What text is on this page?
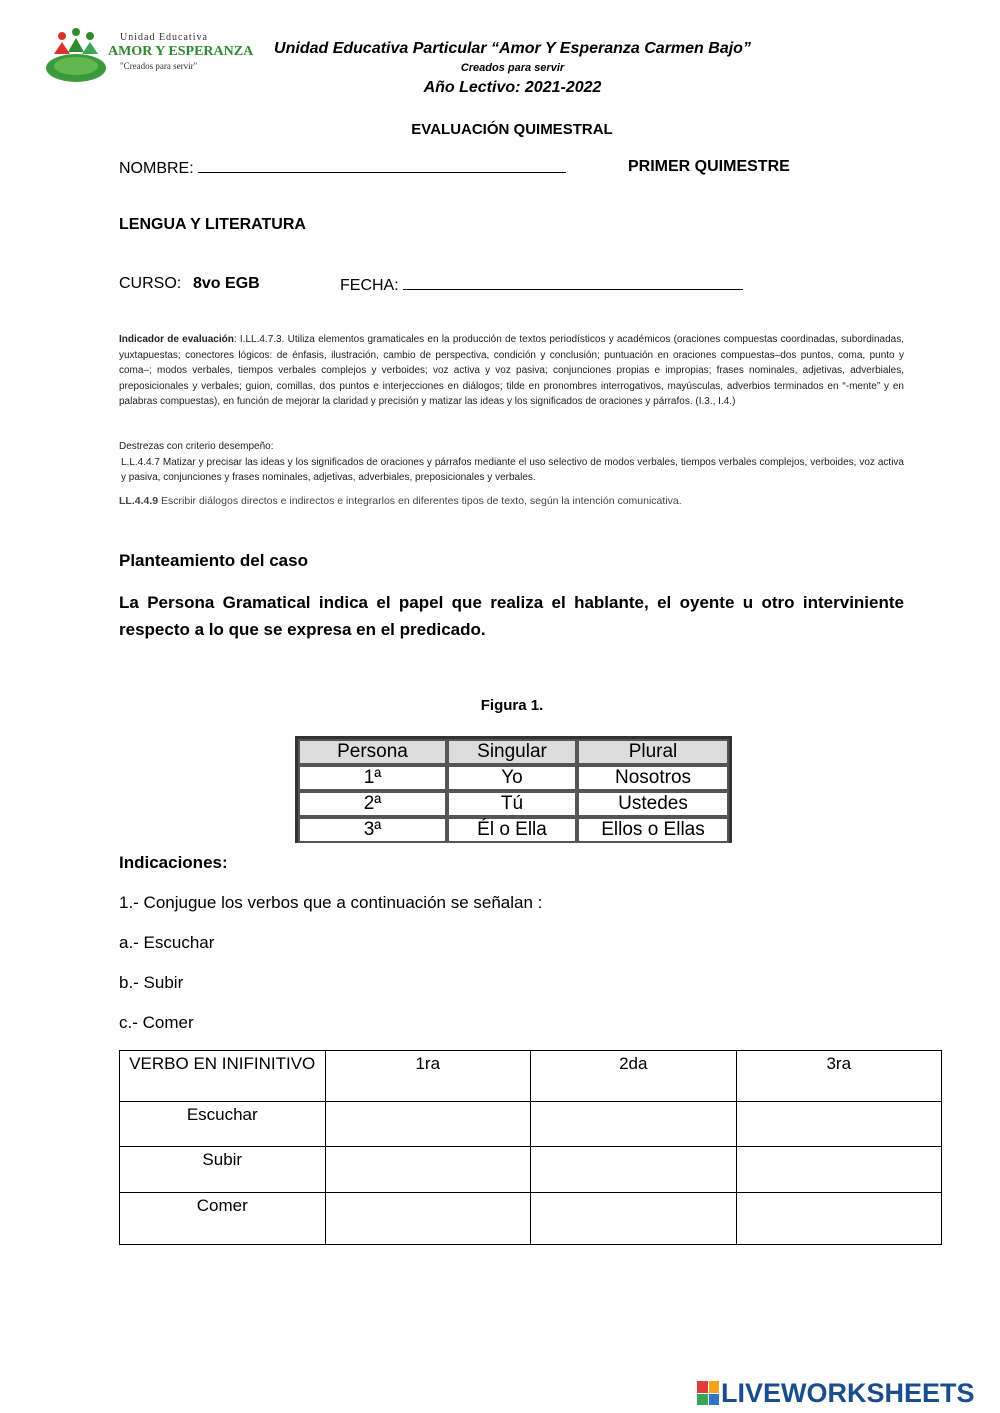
Unidad Educativa
AMOR Y ESPERANZA
"Creados para servir"
Unidad Educativa Particular “Amor Y Esperanza Carmen Bajo”
Creados para servir
Año Lectivo: 2021-2022
EVALUACIÓN QUIMESTRAL
NOMBRE:	PRIMER QUIMESTRE
LENGUA Y LITERATURA
CURSO: 8vo EGB	FECHA:
Indicador de evaluación: I.LL.4.7.3. Utiliza elementos gramaticales en la producción de textos periodísticos y académicos (oraciones compuestas coordinadas, subordinadas, yuxtapuestas; conectores lógicos: de énfasis, ilustración, cambio de perspectiva, condición y conclusión; puntuación en oraciones compuestas–dos puntos, coma, punto y coma–; modos verbales, tiempos verbales complejos y verboides; voz activa y voz pasiva; conjunciones propias e impropias; frases nominales, adjetivas, adverbiales, preposicionales y verbales; guion, comillas, dos puntos e interjecciones en diálogos; tilde en pronombres interrogativos, mayúsculas, adverbios terminados en “-mente” y en palabras compuestas), en función de mejorar la claridad y precisión y matizar las ideas y los significados de oraciones y párrafos. (I.3., I.4.)
Destrezas con criterio desempeño:
L.L.4.4.7 Matizar y precisar las ideas y los significados de oraciones y párrafos mediante el uso selectivo de modos verbales, tiempos verbales complejos, verboides, voz activa y pasiva, conjunciones y frases nominales, adjetivas, adverbiales, preposicionales y verbales.
LL.4.4.9 Escribir diálogos directos e indirectos e integrarlos en diferentes tipos de texto, según la intención comunicativa.
Planteamiento del caso
La Persona Gramatical indica el papel que realiza el hablante, el oyente u otro interviniente respecto a lo que se expresa en el predicado.
Figura 1.
Persona	Singular	Plural
1ª	Yo	Nosotros
2ª	Tú	Ustedes
3ª	Él o Ella	Ellos o Ellas
Indicaciones:
1.- Conjugue los verbos que a continuación se señalan :
a.- Escuchar
b.- Subir
c.- Comer
VERBO EN INIFINITIVO	1ra	2da	3ra
Escuchar			
Subir			
Comer			
LIVEWORKSHEETS
